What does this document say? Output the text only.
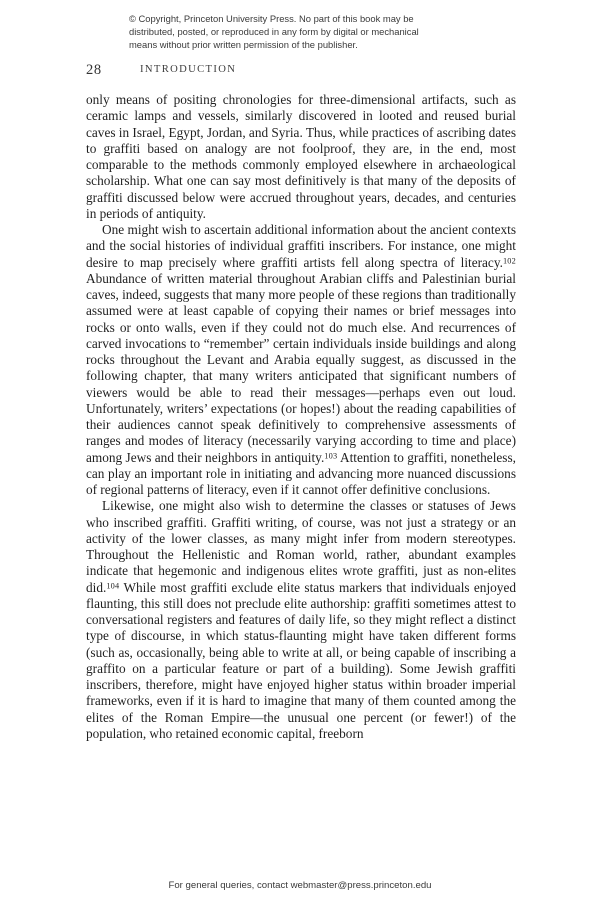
© Copyright, Princeton University Press. No part of this book may be
distributed, posted, or reproduced in any form by digital or mechanical
means without prior written permission of the publisher.
28	INTRODUCTION

only means of positing chronologies for three-dimensional artifacts, such as ceramic lamps and vessels, similarly discovered in looted and reused burial caves in Israel, Egypt, Jordan, and Syria. Thus, while practices of ascribing dates to graffiti based on analogy are not foolproof, they are, in the end, most comparable to the methods commonly employed elsewhere in archaeological scholarship. What one can say most definitively is that many of the deposits of graffiti discussed below were accrued throughout years, decades, and centuries in periods of antiquity.

One might wish to ascertain additional information about the ancient contexts and the social histories of individual graffiti inscribers. For instance, one might desire to map precisely where graffiti artists fell along spectra of literacy.$^{102}$ Abundance of written material throughout Arabian cliffs and Palestinian burial caves, indeed, suggests that many more people of these regions than traditionally assumed were at least capable of copying their names or brief messages into rocks or onto walls, even if they could not do much else. And recurrences of carved invocations to “remember” certain individuals inside buildings and along rocks throughout the Levant and Arabia equally suggest, as discussed in the following chapter, that many writers anticipated that significant numbers of viewers would be able to read their messages—perhaps even out loud. Unfortunately, writers’ expectations (or hopes!) about the reading capabilities of their audiences cannot speak definitively to comprehensive assessments of ranges and modes of literacy (necessarily varying according to time and place) among Jews and their neighbors in antiquity.$^{103}$ Attention to graffiti, nonetheless, can play an important role in initiating and advancing more nuanced discussions of regional patterns of literacy, even if it cannot offer definitive conclusions.

Likewise, one might also wish to determine the classes or statuses of Jews who inscribed graffiti. Graffiti writing, of course, was not just a strategy or an activity of the lower classes, as many might infer from modern stereotypes. Throughout the Hellenistic and Roman world, rather, abundant examples indicate that hegemonic and indigenous elites wrote graffiti, just as non-elites did.$^{104}$ While most graffiti exclude elite status markers that individuals enjoyed flaunting, this still does not preclude elite authorship: graffiti sometimes attest to conversational registers and features of daily life, so they might reflect a distinct type of discourse, in which status-flaunting might have taken different forms (such as, occasionally, being able to write at all, or being capable of inscribing a graffito on a particular feature or part of a building). Some Jewish graffiti inscribers, therefore, might have enjoyed higher status within broader imperial frameworks, even if it is hard to imagine that many of them counted among the elites of the Roman Empire—the unusual one percent (or fewer!) of the population, who retained economic capital, freeborn

For general queries, contact webmaster@press.princeton.edu
